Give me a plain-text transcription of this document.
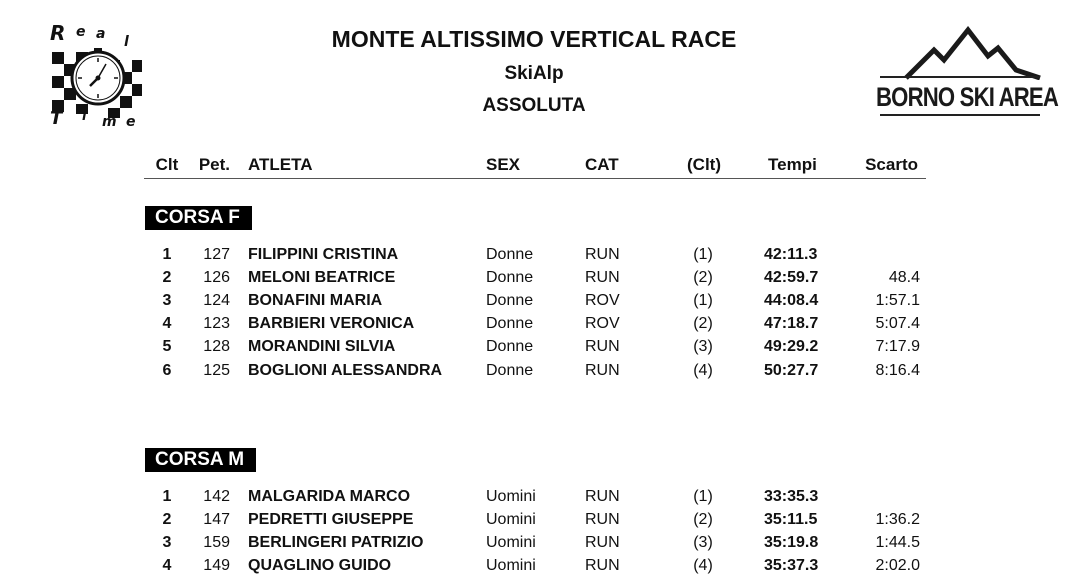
R e a l
T i m e
BORNO SKI AREA
MONTE ALTISSIMO VERTICAL RACE
SkiAlp
ASSOLUTA
Clt	Pet. ATLETA	SEX	CAT	(Clt)	Tempi	Scarto
CORSA F
1	127 FILIPPINI CRISTINA	Donne	RUN	(1)	42:11.3
2	126 MELONI BEATRICE	Donne	RUN	(2)	42:59.7	48.4
3	124 BONAFINI MARIA	Donne	ROV	(1)	44:08.4	1:57.1
4	123 BARBIERI VERONICA	Donne	ROV	(2)	47:18.7	5:07.4
5	128 MORANDINI SILVIA	Donne	RUN	(3)	49:29.2	7:17.9
6	125 BOGLIONI ALESSANDRA	Donne	RUN	(4)	50:27.7	8:16.4
CORSA M
1	142 MALGARIDA MARCO	Uomini	RUN	(1)	33:35.3
2	147 PEDRETTI GIUSEPPE	Uomini	RUN	(2)	35:11.5	1:36.2
3	159 BERLINGERI PATRIZIO	Uomini	RUN	(3)	35:19.8	1:44.5
4	149 QUAGLINO GUIDO	Uomini	RUN	(4)	35:37.3	2:02.0
